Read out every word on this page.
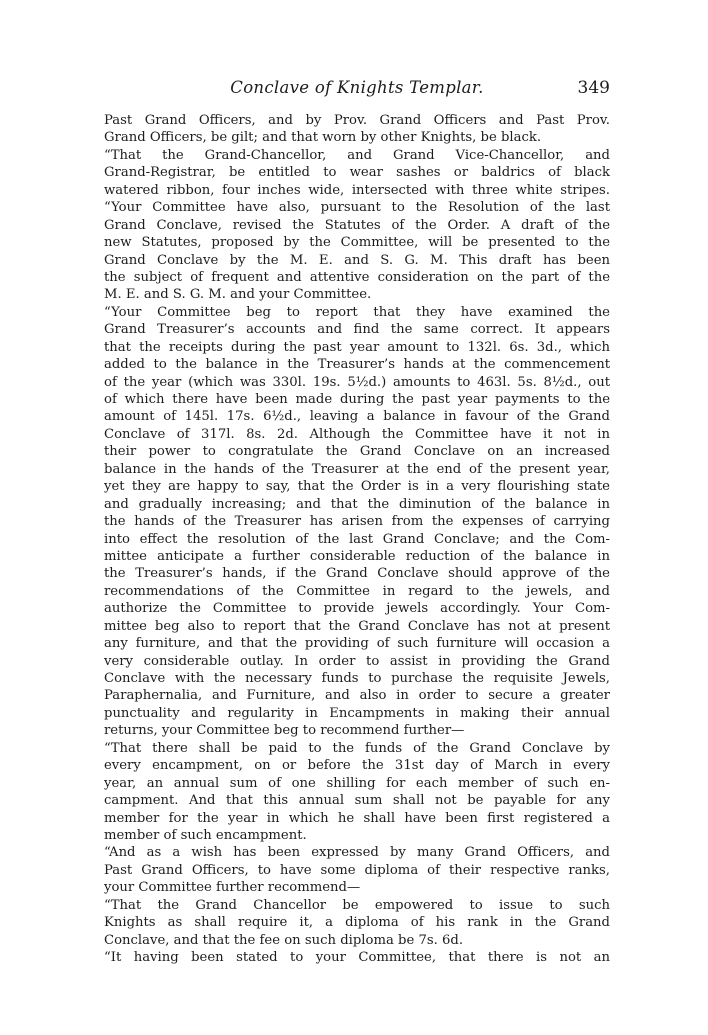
Conclave of Knights Templar.	349
Past Grand Officers, and by Prov. Grand Officers and Past Prov.
Grand Officers, be gilt; and that worn by other Knights, be black.
“That the Grand-Chancellor, and Grand Vice-Chancellor, and
Grand-Registrar, be entitled to wear sashes or baldrics of black
watered ribbon, four inches wide, intersected with three white stripes.
“Your Committee have also, pursuant to the Resolution of the last
Grand Conclave, revised the Statutes of the Order. A draft of the
new Statutes, proposed by the Committee, will be presented to the
Grand Conclave by the M. E. and S. G. M. This draft has been
the subject of frequent and attentive consideration on the part of the
M. E. and S. G. M. and your Committee.
“Your Committee beg to report that they have examined the
Grand Treasurer’s accounts and find the same correct. It appears
that the receipts during the past year amount to 132l. 6s. 3d., which
added to the balance in the Treasurer’s hands at the commencement
of the year (which was 330l. 19s. 5½d.) amounts to 463l. 5s. 8½d., out
of which there have been made during the past year payments to the
amount of 145l. 17s. 6½d., leaving a balance in favour of the Grand
Conclave of 317l. 8s. 2d. Although the Committee have it not in
their power to congratulate the Grand Conclave on an increased
balance in the hands of the Treasurer at the end of the present year,
yet they are happy to say, that the Order is in a very flourishing state
and gradually increasing; and that the diminution of the balance in
the hands of the Treasurer has arisen from the expenses of carrying
into effect the resolution of the last Grand Conclave; and the Com-
mittee anticipate a further considerable reduction of the balance in
the Treasurer’s hands, if the Grand Conclave should approve of the
recommendations of the Committee in regard to the jewels, and
authorize the Committee to provide jewels accordingly. Your Com-
mittee beg also to report that the Grand Conclave has not at present
any furniture, and that the providing of such furniture will occasion a
very considerable outlay. In order to assist in providing the Grand
Conclave with the necessary funds to purchase the requisite Jewels,
Paraphernalia, and Furniture, and also in order to secure a greater
punctuality and regularity in Encampments in making their annual
returns, your Committee beg to recommend further—
“That there shall be paid to the funds of the Grand Conclave by
every encampment, on or before the 31st day of March in every
year, an annual sum of one shilling for each member of such en-
campment. And that this annual sum shall not be payable for any
member for the year in which he shall have been first registered a
member of such encampment.
“And as a wish has been expressed by many Grand Officers, and
Past Grand Officers, to have some diploma of their respective ranks,
your Committee further recommend—
“That the Grand Chancellor be empowered to issue to such
Knights as shall require it, a diploma of his rank in the Grand
Conclave, and that the fee on such diploma be 7s. 6d.
“It having been stated to your Committee, that there is not an
